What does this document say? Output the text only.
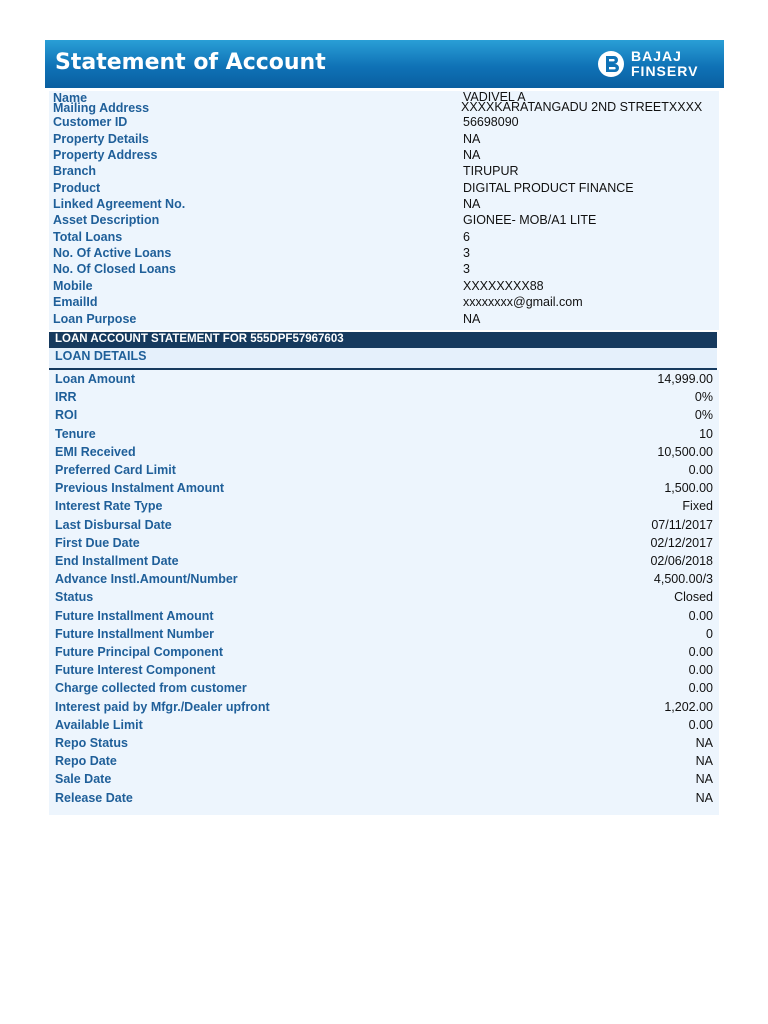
Statement of Account	BAJAJ
FINSERV
Name	VADIVEL A
Mailing Address	XXXXKARATANGADU 2ND STREETXXXX
Customer ID	56698090
Property Details	NA
Property Address	NA
Branch	TIRUPUR
Product	DIGITAL PRODUCT FINANCE
Linked Agreement No.	NA
Asset Description	GIONEE- MOB/A1 LITE
Total Loans	6
No. Of Active Loans	3
No. Of Closed Loans	3
Mobile	XXXXXXXX88
EmailId	xxxxxxxx@gmail.com
Loan Purpose	NA
LOAN ACCOUNT STATEMENT FOR 555DPF57967603
LOAN DETAILS
Loan Amount	14,999.00
IRR	0%
ROI	0%
Tenure	10
EMI Received	10,500.00
Preferred Card Limit	0.00
Previous Instalment Amount	1,500.00
Interest Rate Type	Fixed
Last Disbursal Date	07/11/2017
First Due Date	02/12/2017
End Installment Date	02/06/2018
Advance Instl.Amount/Number	4,500.00/3
Status	Closed
Future Installment Amount	0.00
Future Installment Number	0
Future Principal Component	0.00
Future Interest Component	0.00
Charge collected from customer	0.00
Interest paid by Mfgr./Dealer upfront	1,202.00
Available Limit	0.00
Repo Status	NA
Repo Date	NA
Sale Date	NA
Release Date	NA
